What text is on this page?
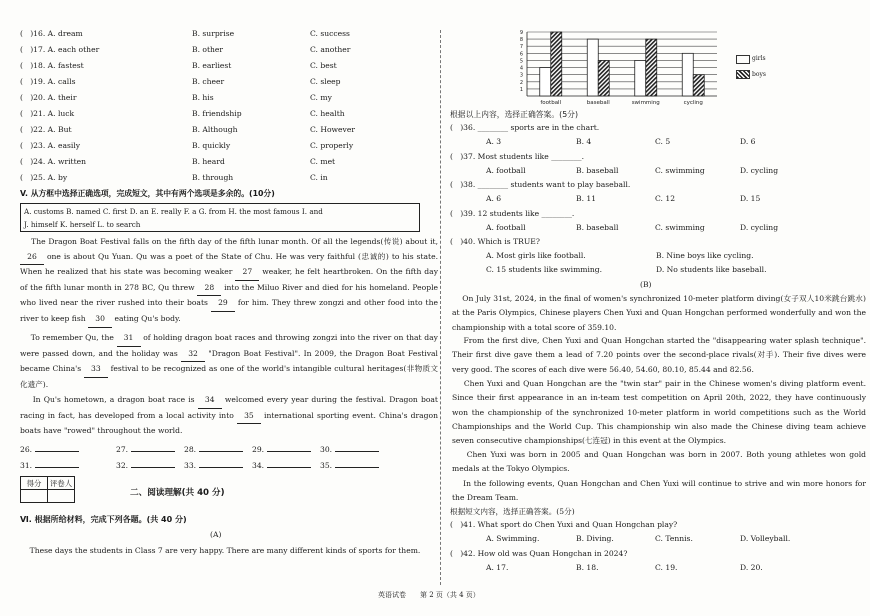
(   )16. A. dream	B. surprise	C. success
(   )17. A. each other	B. other	C. another
(   )18. A. fastest	B. earliest	C. best
(   )19. A. calls	B. cheer	C. sleep
(   )20. A. their	B. his	C. my
(   )21. A. luck	B. friendship	C. health
(   )22. A. But	B. Although	C. However
(   )23. A. easily	B. quickly	C. properly
(   )24. A. written	B. heard	C. met
(   )25. A. by	B. through	C. in
V. 从方框中选择正确选项，完成短文，其中有两个选项是多余的。(10分)
A. customs B. named C. first D. an E. really F. a G. from H. the most famous I. and
J. himself K. herself L. to search
The Dragon Boat Festival falls on the fifth day of the fifth lunar month. Of all the legends(传说) about it, 26 one is about Qu Yuan. Qu was a poet of the State of Chu. He was very faithful (忠诚的) to his state. When he realized that his state was becoming weaker 27 weaker, he felt heartbroken. On the fifth day of the fifth lunar month in 278 BC, Qu threw 28 into the Miluo River and died for his homeland. People who lived near the river rushed into their boats 29 for him. They threw zongzi and other food into the river to keep fish 30 eating Qu's body.
To remember Qu, the 31 of holding dragon boat races and throwing zongzi into the river on that day were passed down, and the holiday was 32 "Dragon Boat Festival". In 2009, the Dragon Boat Festival became China's 33 festival to be recognized as one of the world's intangible cultural heritages(非物质文化遗产).
In Qu's hometown, a dragon boat race is 34 welcomed every year during the festival. Dragon boat racing in fact, has developed from a local activity into 35 international sporting event. China's dragon boats have "rowed" throughout the world.
26.	27.	28.	29.	30.
31.	32.	33.	34.	35.
得分	评卷人

二、阅读理解(共 40 分)
Ⅵ. 根据所给材料，完成下列各题。(共 40 分)
(A)
These days the students in Class 7 are very happy. There are many different kinds of sports for them.
1
2
3
4
5
6
7
8
9
football	baseball	swimming	cycling
girls
boys
根据以上内容，选择正确答案。(5分)
(   )36. ________ sports are in the chart.
A. 3	B. 4	C. 5	D. 6
(   )37. Most students like ________.
A. football	B. baseball	C. swimming	D. cycling
(   )38. ________ students want to play baseball.
A. 6	B. 11	C. 12	D. 15
(   )39. 12 students like ________.
A. football	B. baseball	C. swimming	D. cycling
(   )40. Which is TRUE?
A. Most girls like football.	B. Nine boys like cycling.
C. 15 students like swimming.	D. No students like baseball.
(B)
On July 31st, 2024, in the final of women's synchronized 10-meter platform diving(女子双人10米跳台跳水) at the Paris Olympics, Chinese players Chen Yuxi and Quan Hongchan performed wonderfully and won the championship with a total score of 359.10.
From the first dive, Chen Yuxi and Quan Hongchan started the "disappearing water splash technique". Their first dive gave them a lead of 7.20 points over the second-place rivals(对手). Their five dives were very good. The scores of each dive were 56.40, 54.60, 80.10, 85.44 and 82.56.
Chen Yuxi and Quan Hongchan are the "twin star" pair in the Chinese women's diving platform event. Since their first appearance in an in-team test competition on April 20th, 2022, they have continuously won the championship of the synchronized 10-meter platform in world competitions such as the World Championships and the World Cup. This championship win also made the Chinese diving team achieve seven consecutive championships(七连冠) in this event at the Olympics.
Chen Yuxi was born in 2005 and Quan Hongchan was born in 2007. Both young athletes won gold medals at the Tokyo Olympics.
In the following events, Quan Hongchan and Chen Yuxi will continue to strive and win more honors for the Dream Team.
根据短文内容，选择正确答案。(5分)
(   )41. What sport do Chen Yuxi and Quan Hongchan play?
A. Swimming.	B. Diving.	C. Tennis.	D. Volleyball.
(   )42. How old was Quan Hongchan in 2024?
A. 17.	B. 18.	C. 19.	D. 20.
英语试卷 第 2 页（共 4 页）
